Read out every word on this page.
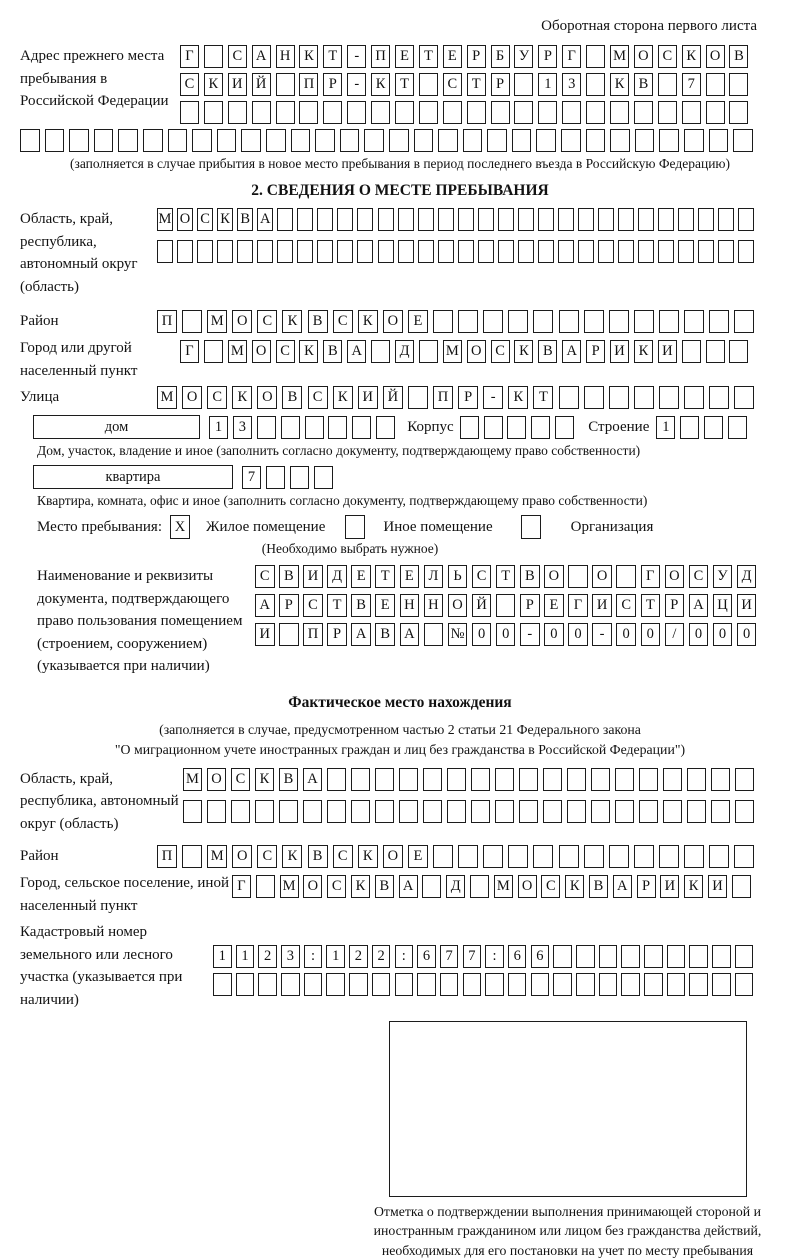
Оборотная сторона первого листа
Адрес прежнего места пребывания в Российской Федерации
Г	С А Н К	Т	-	П Е	Т	Е	Р	Б	У	Р	Г	М О С К О В
С К И Й	П	Р	-	К	Т	С	Т	Р	1	3	К В	7
(заполняется в случае прибытия в новое место пребывания в период последнего въезда в Российскую Федерацию)
2. СВЕДЕНИЯ О МЕСТЕ ПРЕБЫВАНИЯ
Область, край, республика, автономный округ (область)
М О С К В А
Район	П	М О	С	К	В	С	К	О	Е
Город или другой населенный пункт
Г	М О С К В А	Д	М О С К В А	Р	И К И
Улица	М О	С	К	О	В	С	К	И	Й	П	Р	-	К	Т
дом	1	3	Корпус	Строение 1
Дом, участок, владение и иное (заполнить согласно документу, подтверждающему право собственности)
квартира	7
Квартира, комната, офис и иное (заполнить согласно документу, подтверждающему право собственности)
Место пребывания: X	Жилое помещение	Иное помещение	Организация
(Необходимо выбрать нужное)
Наименование и реквизиты документа, подтверждающего право пользования помещением (строением, сооружением) (указывается при наличии)
С В И Д	Е	Т	Е	Л	Ь	С	Т	В О	О	Г	О С У Д
А	Р	С	Т	В	Е Н Н О Й	Р	Е	Г	И С	Т	Р	А Ц И
И	П	Р	А В А	№ 0	0	-	0	0	-	0	0	/	0	0	0
Фактическое место нахождения
(заполняется в случае, предусмотренном частью 2 статьи 21 Федерального закона
"О миграционном учете иностранных граждан и лиц без гражданства в Российской Федерации")
Область, край, республика, автономный округ (область)
М О С К В А
Район	П	М О	С	К	В	С	К	О	Е
Город, сельское поселение, иной населенный пункт
Г	М О С К В А	Д	М О С К В А	Р	И К И
Кадастровый номер земельного или лесного участка (указывается при наличии)
1	1	2	3	:	1	2	2	:	6	7	7	:	6	6
Отметка о подтверждении выполнения принимающей стороной и иностранным гражданином или лицом без гражданства действий, необходимых для его постановки на учет по месту пребывания
